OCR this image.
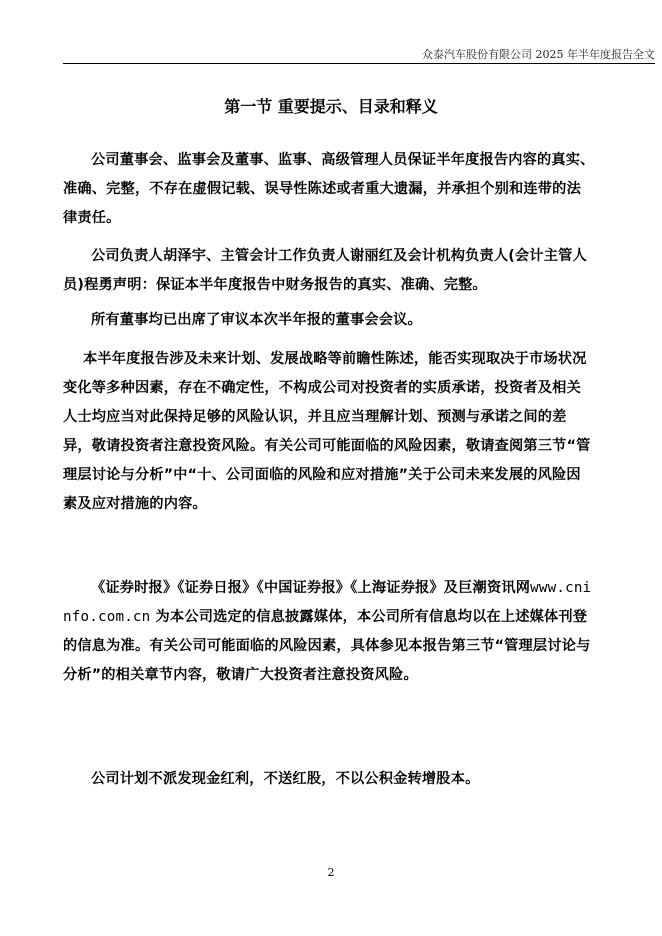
众泰汽车股份有限公司 2025 年半年度报告全文
第一节 重要提示、目录和释义

公司董事会、监事会及董事、监事、高级管理人员保证半年度报告内容的真实、准确、完整，不存在虚假记载、误导性陈述或者重大遗漏，并承担个别和连带的法律责任。

公司负责人胡泽宇、主管会计工作负责人谢丽红及会计机构负责人(会计主管人员)程勇声明：保证本半年度报告中财务报告的真实、准确、完整。

所有董事均已出席了审议本次半年报的董事会会议。

本半年度报告涉及未来计划、发展战略等前瞻性陈述，能否实现取决于市场状况变化等多种因素，存在不确定性，不构成公司对投资者的实质承诺，投资者及相关人士均应当对此保持足够的风险认识，并且应当理解计划、预测与承诺之间的差异，敬请投资者注意投资风险。有关公司可能面临的风险因素，敬请查阅第三节“管理层讨论与分析”中“十、公司面临的风险和应对措施”关于公司未来发展的风险因素及应对措施的内容。

《证券时报》《证券日报》《中国证券报》《上海证券报》及巨潮资讯网www.cninfo.com.cn 为本公司选定的信息披露媒体，本公司所有信息均以在上述媒体刊登的信息为准。有关公司可能面临的风险因素，具体参见本报告第三节“管理层讨论与分析”的相关章节内容，敬请广大投资者注意投资风险。

公司计划不派发现金红利，不送红股，不以公积金转增股本。

2
